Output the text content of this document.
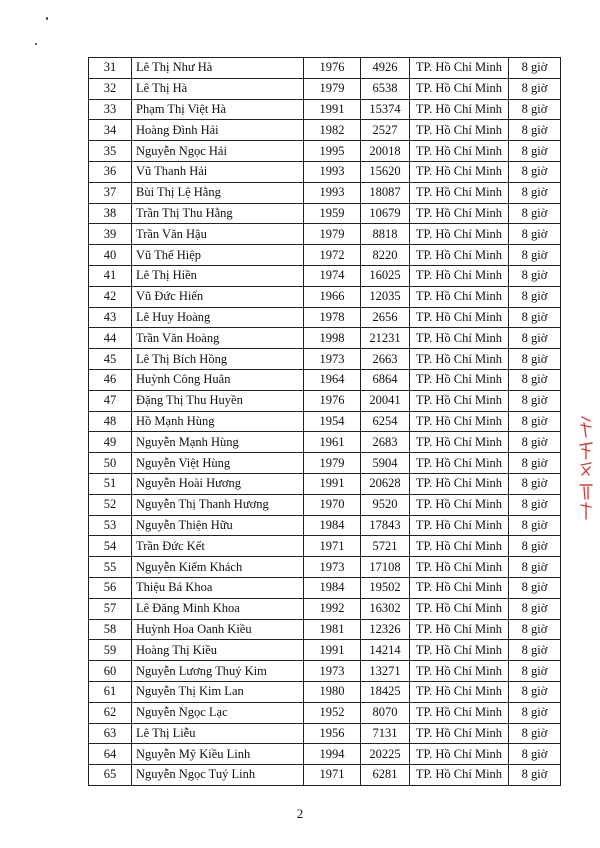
31	Lê Thị Như Hà	1976	4926	TP. Hồ Chí Minh	8 giờ
32	Lê Thị Hà	1979	6538	TP. Hồ Chí Minh	8 giờ
33	Phạm Thị Việt Hà	1991	15374	TP. Hồ Chí Minh	8 giờ
34	Hoàng Đình Hải	1982	2527	TP. Hồ Chí Minh	8 giờ
35	Nguyễn Ngọc Hải	1995	20018	TP. Hồ Chí Minh	8 giờ
36	Vũ Thanh Hải	1993	15620	TP. Hồ Chí Minh	8 giờ
37	Bùi Thị Lệ Hằng	1993	18087	TP. Hồ Chí Minh	8 giờ
38	Trần Thị Thu Hằng	1959	10679	TP. Hồ Chí Minh	8 giờ
39	Trần Văn Hậu	1979	8818	TP. Hồ Chí Minh	8 giờ
40	Vũ Thế Hiệp	1972	8220	TP. Hồ Chí Minh	8 giờ
41	Lê Thị Hiền	1974	16025	TP. Hồ Chí Minh	8 giờ
42	Vũ Đức Hiển	1966	12035	TP. Hồ Chí Minh	8 giờ
43	Lê Huy Hoàng	1978	2656	TP. Hồ Chí Minh	8 giờ
44	Trần Văn Hoàng	1998	21231	TP. Hồ Chí Minh	8 giờ
45	Lê Thị Bích Hồng	1973	2663	TP. Hồ Chí Minh	8 giờ
46	Huỳnh Công Huân	1964	6864	TP. Hồ Chí Minh	8 giờ
47	Đặng Thị Thu Huyền	1976	20041	TP. Hồ Chí Minh	8 giờ
48	Hồ Mạnh Hùng	1954	6254	TP. Hồ Chí Minh	8 giờ
49	Nguyễn Mạnh Hùng	1961	2683	TP. Hồ Chí Minh	8 giờ
50	Nguyễn Việt Hùng	1979	5904	TP. Hồ Chí Minh	8 giờ
51	Nguyễn Hoài Hương	1991	20628	TP. Hồ Chí Minh	8 giờ
52	Nguyễn Thị Thanh Hương	1970	9520	TP. Hồ Chí Minh	8 giờ
53	Nguyễn Thiện Hữu	1984	17843	TP. Hồ Chí Minh	8 giờ
54	Trần Đức Kết	1971	5721	TP. Hồ Chí Minh	8 giờ
55	Nguyễn Kiếm Khách	1973	17108	TP. Hồ Chí Minh	8 giờ
56	Thiệu Bá Khoa	1984	19502	TP. Hồ Chí Minh	8 giờ
57	Lê Đăng Minh Khoa	1992	16302	TP. Hồ Chí Minh	8 giờ
58	Huỳnh Hoa Oanh Kiều	1981	12326	TP. Hồ Chí Minh	8 giờ
59	Hoàng Thị Kiều	1991	14214	TP. Hồ Chí Minh	8 giờ
60	Nguyễn Lương Thuý Kim	1973	13271	TP. Hồ Chí Minh	8 giờ
61	Nguyễn Thị Kim Lan	1980	18425	TP. Hồ Chí Minh	8 giờ
62	Nguyễn Ngọc Lạc	1952	8070	TP. Hồ Chí Minh	8 giờ
63	Lê Thị Liễu	1956	7131	TP. Hồ Chí Minh	8 giờ
64	Nguyễn Mỹ Kiều Linh	1994	20225	TP. Hồ Chí Minh	8 giờ
65	Nguyễn Ngọc Tuý Linh	1971	6281	TP. Hồ Chí Minh	8 giờ
2
